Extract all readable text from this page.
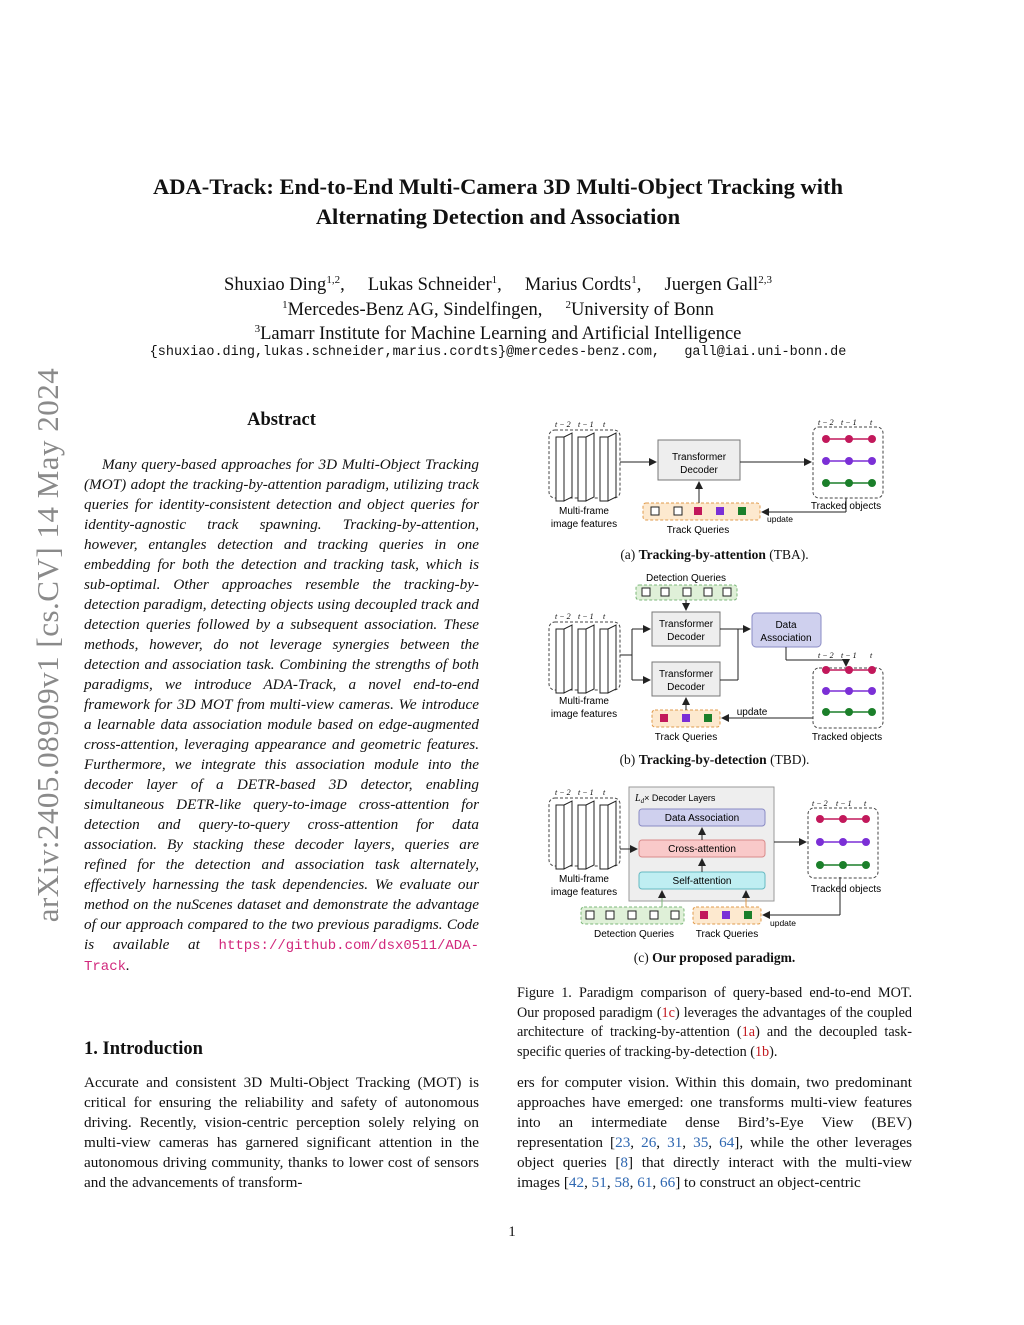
arXiv:2405.08909v1 [cs.CV] 14 May 2024
ADA-Track: End-to-End Multi-Camera 3D Multi-Object Tracking with
Alternating Detection and Association
Shuxiao Ding$^{1,2}$, Lukas Schneider$^1$, Marius Cordts$^1$, Juergen Gall$^{2,3}$
$^1$Mercedes-Benz AG, Sindelfingen, $^2$University of Bonn
$^3$Lamarr Institute for Machine Learning and Artificial Intelligence
{shuxiao.ding,lukas.schneider,marius.cordts}@mercedes-benz.com,   gall@iai.uni-bonn.de
Abstract
Many query-based approaches for 3D Multi-Object Tracking (MOT) adopt the tracking-by-attention paradigm, utilizing track queries for identity-consistent detection and object queries for identity-agnostic track spawning. Tracking-by-attention, however, entangles detection and tracking queries in one embedding for both the detection and tracking task, which is sub-optimal. Other approaches resemble the tracking-by-detection paradigm, detecting objects using decoupled track and detection queries followed by a subsequent association. These methods, however, do not leverage synergies between the detection and association task. Combining the strengths of both paradigms, we introduce ADA-Track, a novel end-to-end framework for 3D MOT from multi-view cameras. We introduce a learnable data association module based on edge-augmented cross-attention, leveraging appearance and geometric features. Furthermore, we integrate this association module into the decoder layer of a DETR-based 3D detector, enabling simultaneous DETR-like query-to-image cross-attention for detection and query-to-query cross-attention for data association. By stacking these decoder layers, queries are refined for the detection and association task alternately, effectively harnessing the task dependencies. We evaluate our method on the nuScenes dataset and demonstrate the advantage of our approach compared to the two previous paradigms. Code is available at https://github.com/dsx0511/ADA-Track.
1. Introduction
Accurate and consistent 3D Multi-Object Tracking (MOT) is critical for ensuring the reliability and safety of autonomous driving. Recently, vision-centric perception solely relying on multi-view cameras has garnered significant attention in the autonomous driving community, thanks to lower cost of sensors and the advancements of transform-
ers for computer vision. Within this domain, two predominant approaches have emerged: one transforms multi-view features into an intermediate dense Bird’s-Eye View (BEV) representation [23, 26, 31, 35, 64], while the other leverages object queries [8] that directly interact with the multi-view images [42, 51, 58, 61, 66] to construct an object-centric
Figure 1. Paradigm comparison of query-based end-to-end MOT. Our proposed paradigm (1c) leverages the advantages of the coupled architecture of tracking-by-attention (1a) and the decoupled task-specific queries of tracking-by-detection (1b).
(a) Tracking-by-attention (TBA).
(b) Tracking-by-detection (TBD).
(c) Our proposed paradigm.
t − 2 t − 1 t
Multi-frame
image features
Transformer
Decoder
Track Queries
update
t − 2 t − 1 t
Tracked objects
Detection Queries
t − 2 t − 1 t
Multi-frame
image features
Transformer
Decoder
Transformer
Decoder
Data
Association
Track Queries
update
t − 2 t − 1 t
Tracked objects
t − 2 t − 1 t
Multi-frame
image features
$L_d\times$ Decoder Layers
Data Association
Cross-attention
Self-attention
Detection Queries Track Queries
update
t − 2 t − 1 t
Tracked objects
1
